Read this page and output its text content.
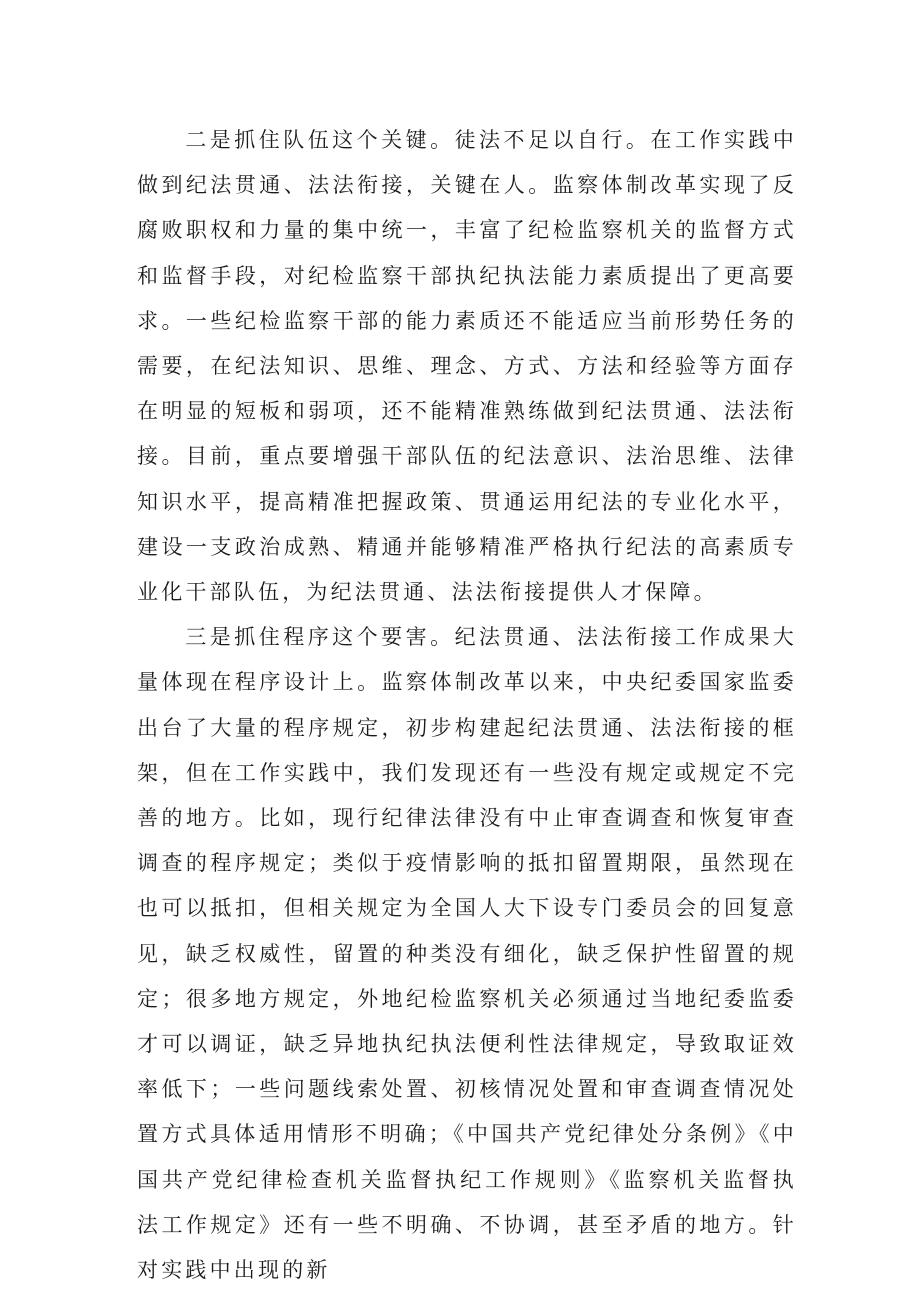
二是抓住队伍这个关键。徒法不足以自行。在工作实践中做到纪法贯通、法法衔接，关键在人。监察体制改革实现了反腐败职权和力量的集中统一，丰富了纪检监察机关的监督方式和监督手段，对纪检监察干部执纪执法能力素质提出了更高要求。一些纪检监察干部的能力素质还不能适应当前形势任务的需要，在纪法知识、思维、理念、方式、方法和经验等方面存在明显的短板和弱项，还不能精准熟练做到纪法贯通、法法衔接。目前，重点要增强干部队伍的纪法意识、法治思维、法律知识水平，提高精准把握政策、贯通运用纪法的专业化水平，建设一支政治成熟、精通并能够精准严格执行纪法的高素质专业化干部队伍，为纪法贯通、法法衔接提供人才保障。

三是抓住程序这个要害。纪法贯通、法法衔接工作成果大量体现在程序设计上。监察体制改革以来，中央纪委国家监委出台了大量的程序规定，初步构建起纪法贯通、法法衔接的框架，但在工作实践中，我们发现还有一些没有规定或规定不完善的地方。比如，现行纪律法律没有中止审查调查和恢复审查调查的程序规定；类似于疫情影响的抵扣留置期限，虽然现在也可以抵扣，但相关规定为全国人大下设专门委员会的回复意见，缺乏权威性，留置的种类没有细化，缺乏保护性留置的规定；很多地方规定，外地纪检监察机关必须通过当地纪委监委才可以调证，缺乏异地执纪执法便利性法律规定，导致取证效率低下；一些问题线索处置、初核情况处置和审查调查情况处置方式具体适用情形不明确；《中国共产党纪律处分条例》《中国共产党纪律检查机关监督执纪工作规则》《监察机关监督执法工作规定》还有一些不明确、不协调，甚至矛盾的地方。针对实践中出现的新
